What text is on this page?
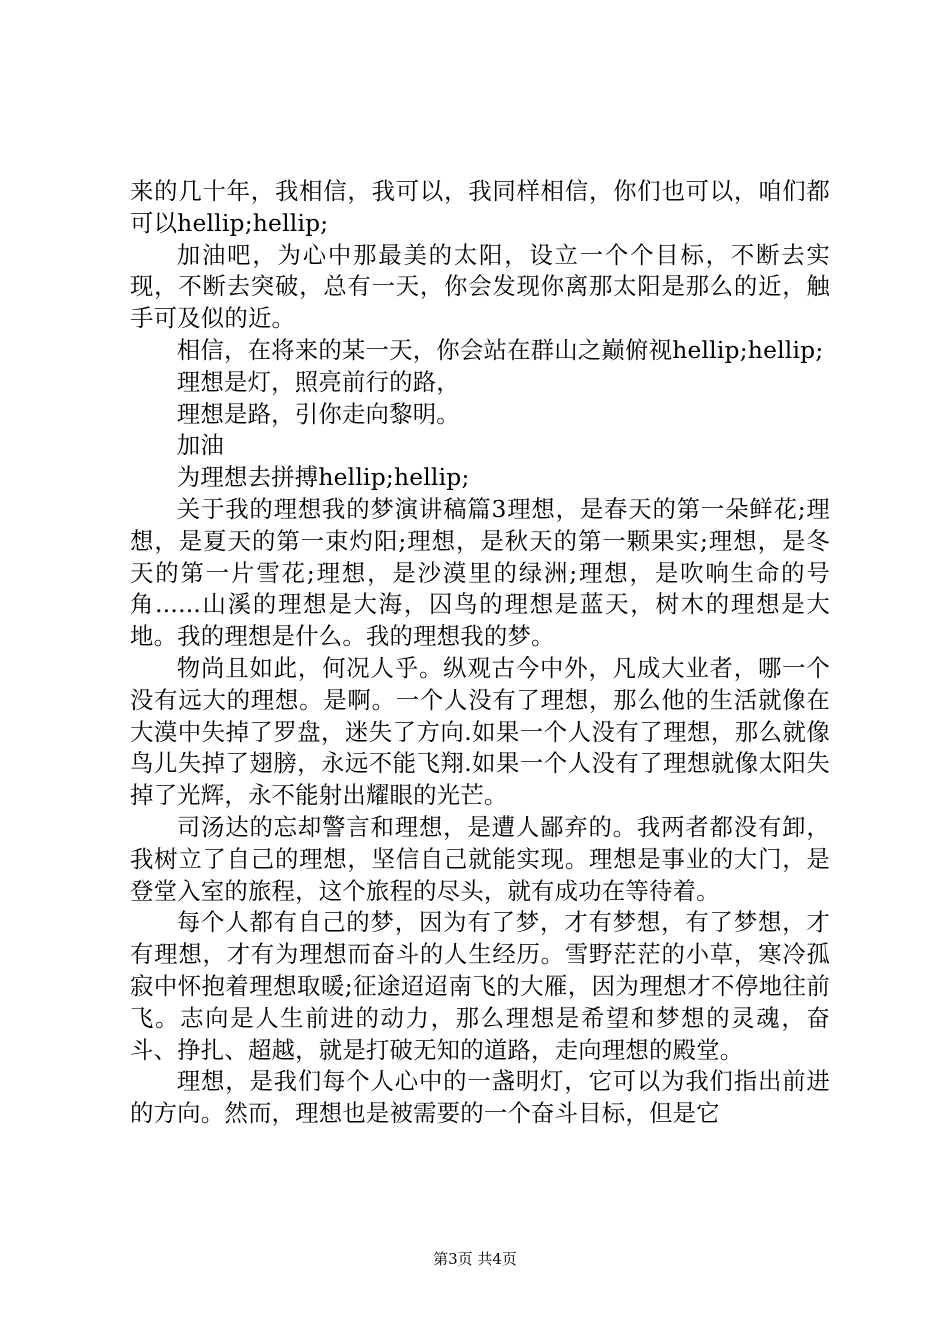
来的几十年，我相信，我可以，我同样相信，你们也可以，咱们都可以hellip;hellip;

加油吧，为心中那最美的太阳，设立一个个目标，不断去实现，不断去突破，总有一天，你会发现你离那太阳是那么的近，触手可及似的近。

相信，在将来的某一天，你会站在群山之巅俯视hellip;hellip;

理想是灯，照亮前行的路，

理想是路，引你走向黎明。

加油

为理想去拼搏hellip;hellip;

关于我的理想我的梦演讲稿篇3理想，是春天的第一朵鲜花;理想，是夏天的第一束灼阳;理想，是秋天的第一颗果实;理想，是冬天的第一片雪花;理想，是沙漠里的绿洲;理想，是吹响生命的号角......山溪的理想是大海，囚鸟的理想是蓝天，树木的理想是大地。我的理想是什么。我的理想我的梦。

物尚且如此，何况人乎。纵观古今中外，凡成大业者，哪一个没有远大的理想。是啊。一个人没有了理想，那么他的生活就像在大漠中失掉了罗盘，迷失了方向.如果一个人没有了理想，那么就像鸟儿失掉了翅膀，永远不能飞翔.如果一个人没有了理想就像太阳失掉了光辉，永不能射出耀眼的光芒。

司汤达的忘却警言和理想，是遭人鄙弃的。我两者都没有卸，我树立了自己的理想，坚信自己就能实现。理想是事业的大门，是登堂入室的旅程，这个旅程的尽头，就有成功在等待着。

每个人都有自己的梦，因为有了梦，才有梦想，有了梦想，才有理想，才有为理想而奋斗的人生经历。雪野茫茫的小草，寒冷孤寂中怀抱着理想取暖;征途迢迢南飞的大雁，因为理想才不停地往前飞。志向是人生前进的动力，那么理想是希望和梦想的灵魂，奋斗、挣扎、超越，就是打破无知的道路，走向理想的殿堂。

理想，是我们每个人心中的一盏明灯，它可以为我们指出前进的方向。然而，理想也是被需要的一个奋斗目标，但是它

第3页 共4页
